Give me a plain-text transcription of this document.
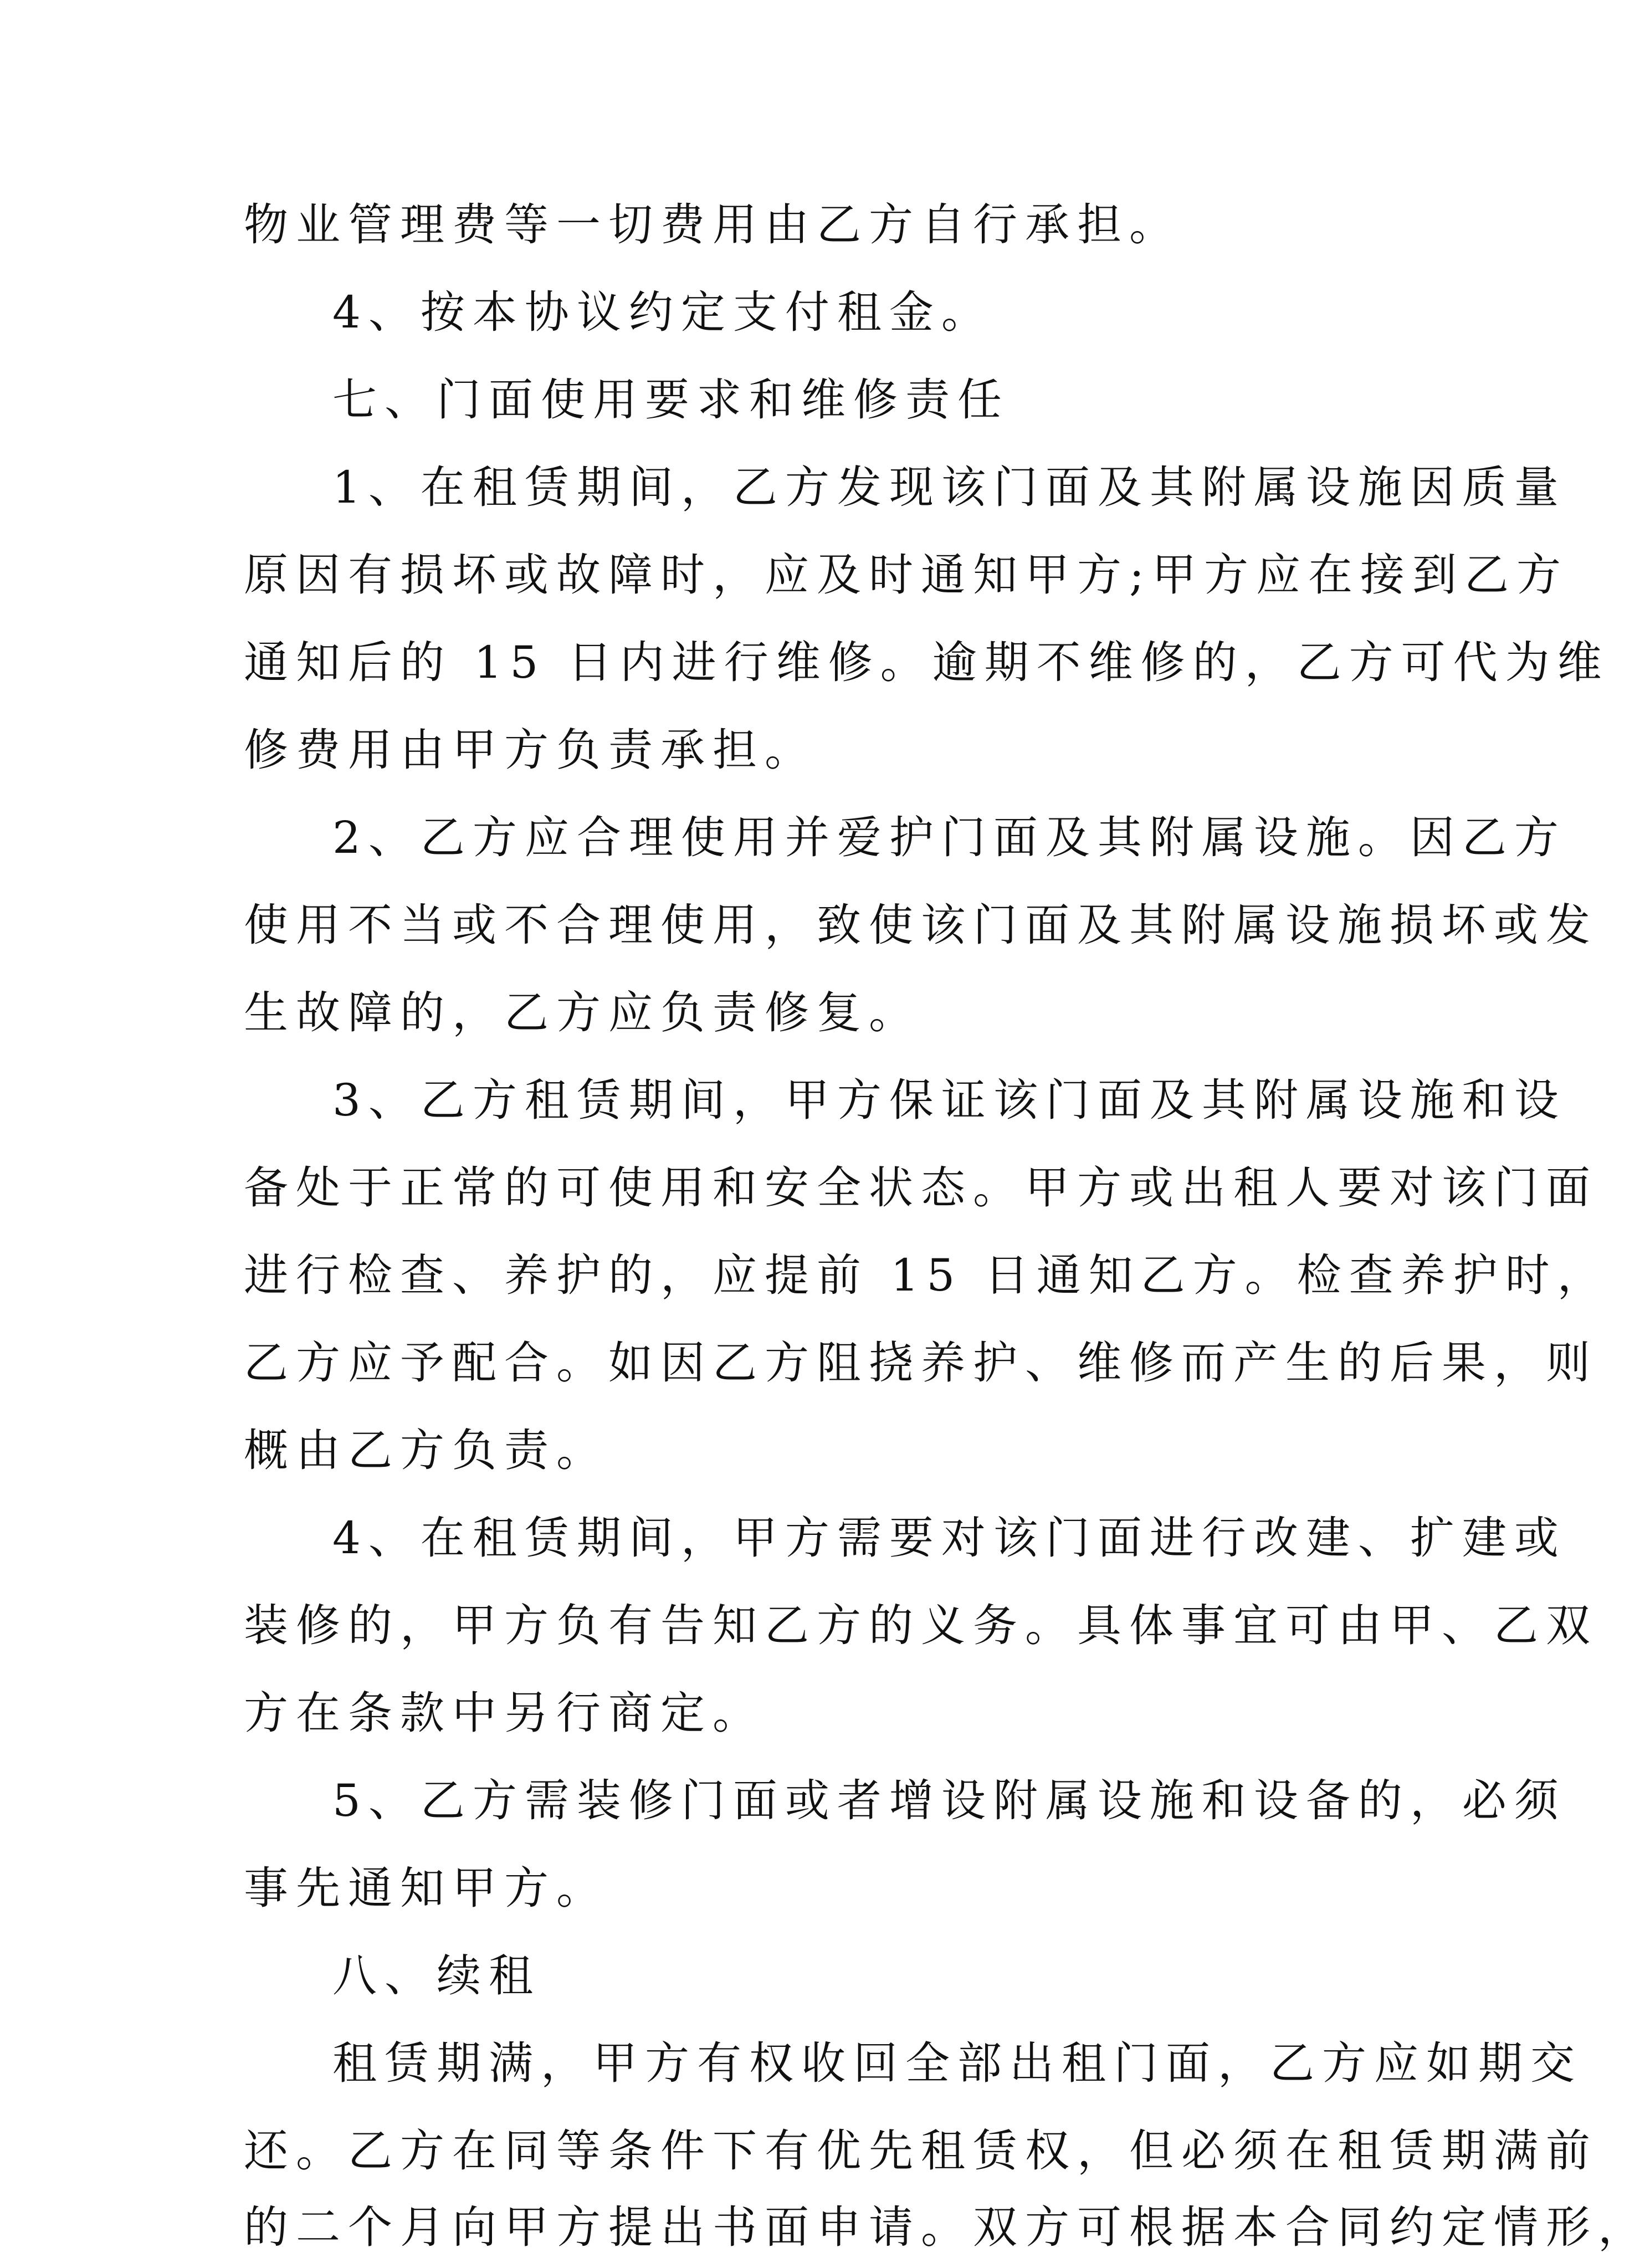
物业管理费等一切费用由乙方自行承担。
4、按本协议约定支付租金。
七、门面使用要求和维修责任
1、在租赁期间，乙方发现该门面及其附属设施因质量
原因有损坏或故障时，应及时通知甲方;甲方应在接到乙方
通知后的 15 日内进行维修。逾期不维修的，乙方可代为维
修费用由甲方负责承担。
2、乙方应合理使用并爱护门面及其附属设施。因乙方
使用不当或不合理使用，致使该门面及其附属设施损坏或发
生故障的，乙方应负责修复。
3、乙方租赁期间，甲方保证该门面及其附属设施和设
备处于正常的可使用和安全状态。甲方或出租人要对该门面
进行检查、养护的，应提前 15 日通知乙方。检查养护时，
乙方应予配合。如因乙方阻挠养护、维修而产生的后果，则
概由乙方负责。
4、在租赁期间，甲方需要对该门面进行改建、扩建或
装修的，甲方负有告知乙方的义务。具体事宜可由甲、乙双
方在条款中另行商定。
5、乙方需装修门面或者增设附属设施和设备的，必须
事先通知甲方。
八、续租
租赁期满，甲方有权收回全部出租门面，乙方应如期交
还。乙方在同等条件下有优先租赁权，但必须在租赁期满前
的二个月向甲方提出书面申请。双方可根据本合同约定情形，
